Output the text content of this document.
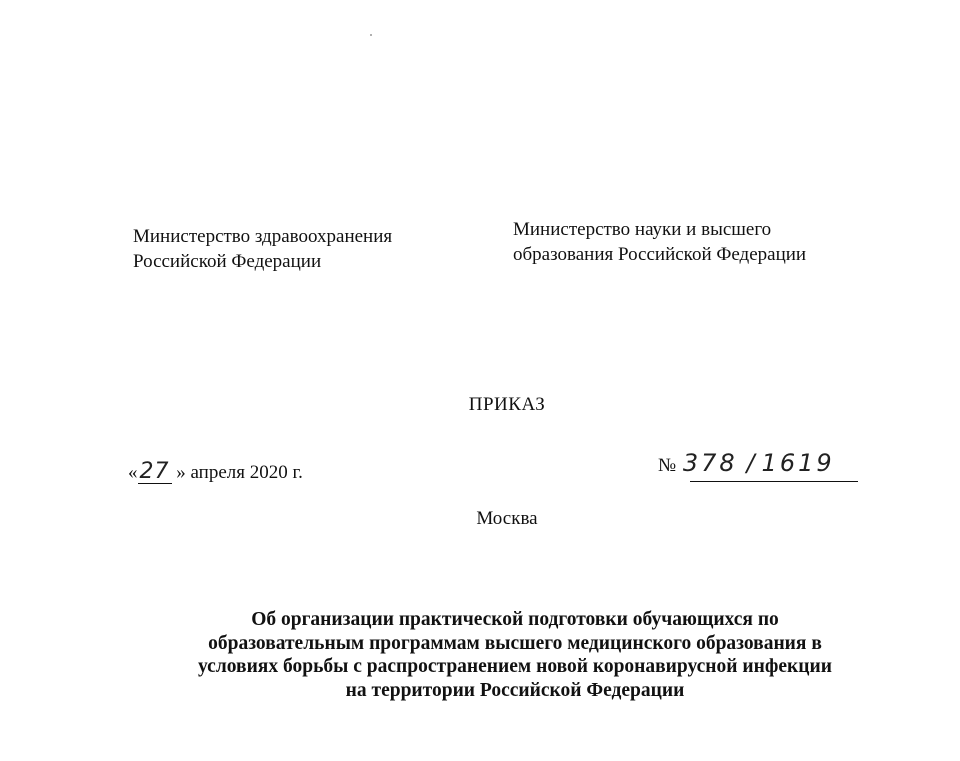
Министерство здравоохранения
Российской Федерации
Министерство науки и высшего
образования Российской Федерации
ПРИКАЗ
«27 » апреля 2020 г.	№ 378 / 1619
Москва
Об организации практической подготовки обучающихся по
образовательным программам высшего медицинского образования в
условиях борьбы с распространением новой коронавирусной инфекции
на территории Российской Федерации
